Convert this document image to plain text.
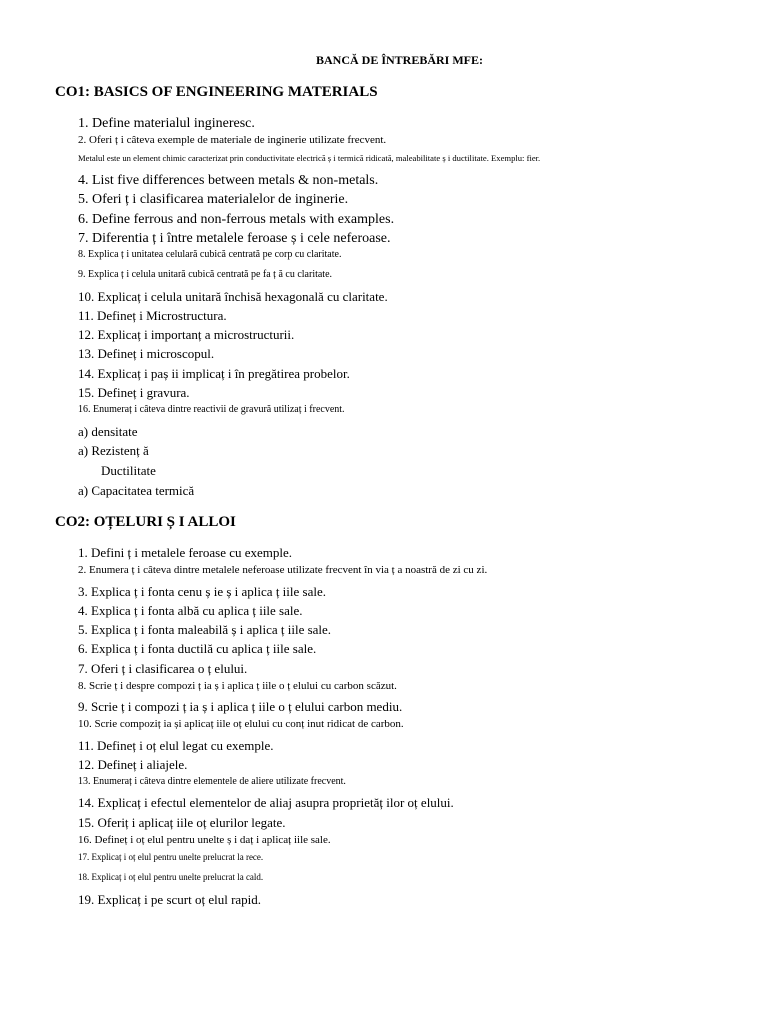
BANCĂ DE ÎNTREBĂRI MFE:
CO1: BASICS OF ENGINEERING MATERIALS
1. Define materialul ingineresc.
2. Oferi ț i câteva exemple de materiale de inginerie utilizate frecvent.
Metalul este un element chimic caracterizat prin conductivitate electrică ș i termică ridicată, maleabilitate ș i ductilitate. Exemplu: fier.
4. List five differences between metals & non-metals.
5. Oferi ț i clasificarea materialelor de inginerie.
6. Define ferrous and non-ferrous metals with examples.
7. Diferentia ț i între metalele feroase ș i cele neferoase.
8. Explica ț i unitatea celulară cubică centrată pe corp cu claritate.
9. Explica ț i celula unitară cubică centrată pe fa ț ă cu claritate.
10. Explicaț i celula unitară închisă hexagonală cu claritate.
11. Defineț i Microstructura.
12. Explicaț i importanț a microstructurii.
13. Defineț i microscopul.
14. Explicaț i paș ii implicaț i în pregătirea probelor.
15. Defineț i gravura.
16. Enumeraț i câteva dintre reactivii de gravură utilizaț i frecvent.
a) densitate
a) Rezistenț ă
Ductilitate
a) Capacitatea termică
CO2: OȚELURI Ș I ALLOI
1. Defini ț i metalele feroase cu exemple.
2. Enumera ț i câteva dintre metalele neferoase utilizate frecvent în via ț a noastră de zi cu zi.
3. Explica ț i fonta cenu ș ie ș i aplica ț iile sale.
4. Explica ț i fonta albă cu aplica ț iile sale.
5. Explica ț i fonta maleabilă ș i aplica ț iile sale.
6. Explica ț i fonta ductilă cu aplica ț iile sale.
7. Oferi ț i clasificarea o ț elului.
8. Scrie ț i despre compozi ț ia ș i aplica ț iile o ț elului cu carbon scăzut.
9. Scrie ț i compozi ț ia ș i aplica ț iile o ț elului carbon mediu.
10. Scrie compoziț ia și aplicaț iile oț elului cu conț inut ridicat de carbon.
11. Definеț i oț elul legat cu exemple.
12. Definеț i aliajele.
13. Enumeraț i câteva dintre elementele de aliere utilizate frecvent.
14. Explicaț i efectul elementelor de aliaj asupra proprietăț ilor oț elului.
15. Oferiț i aplicaț iile oț elurilor legate.
16. Definеț i oț elul pentru unelte ș i daț i aplicaț iile sale.
17. Explicaț i oț elul pentru unelte prelucrat la rece.
18. Explicaț i oț elul pentru unelte prelucrat la cald.
19. Explicaț i pe scurt oț elul rapid.
